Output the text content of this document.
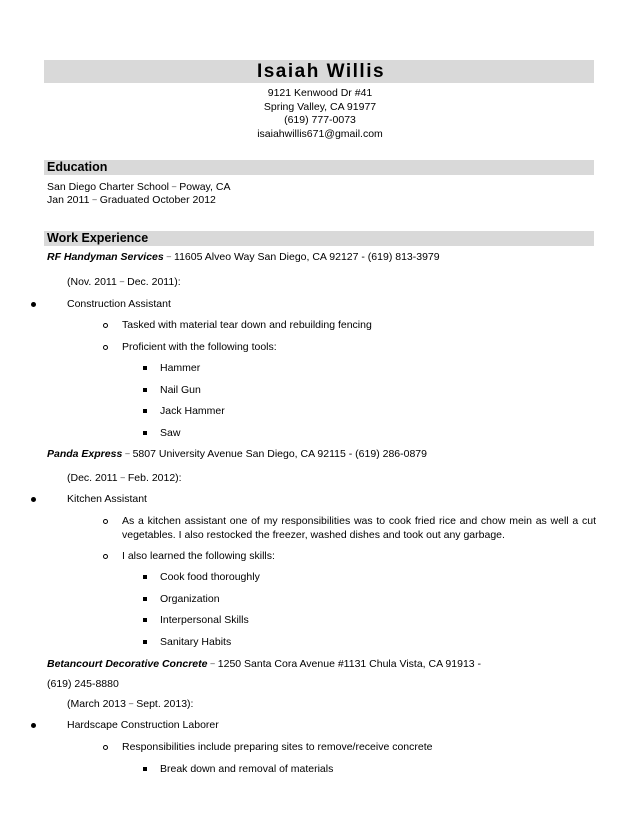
Isaiah Willis
9121 Kenwood Dr #41
Spring Valley, CA 91977
(619) 777-0073
isaiahwillis671@gmail.com
Education
San Diego Charter School – Poway, CA
Jan 2011 – Graduated October 2012
Work Experience
RF Handyman Services – 11605 Alveo Way San Diego, CA 92127 - (619) 813-3979
(Nov. 2011 – Dec. 2011):
Construction Assistant
Tasked with material tear down and rebuilding fencing
Proficient with the following tools:
Hammer
Nail Gun
Jack Hammer
Saw
Panda Express – 5807 University Avenue San Diego, CA 92115 - (619) 286-0879
(Dec. 2011 – Feb. 2012):
Kitchen Assistant
As a kitchen assistant one of my responsibilities was to cook fried rice and chow mein as well a cut vegetables. I also restocked the freezer, washed dishes and took out any garbage.
I also learned the following skills:
Cook food thoroughly
Organization
Interpersonal Skills
Sanitary Habits
Betancourt Decorative Concrete – 1250 Santa Cora Avenue #1131 Chula Vista, CA 91913 -
(619) 245-8880
(March 2013 – Sept. 2013):
Hardscape Construction Laborer
Responsibilities include preparing sites to remove/receive concrete
Break down and removal of materials
